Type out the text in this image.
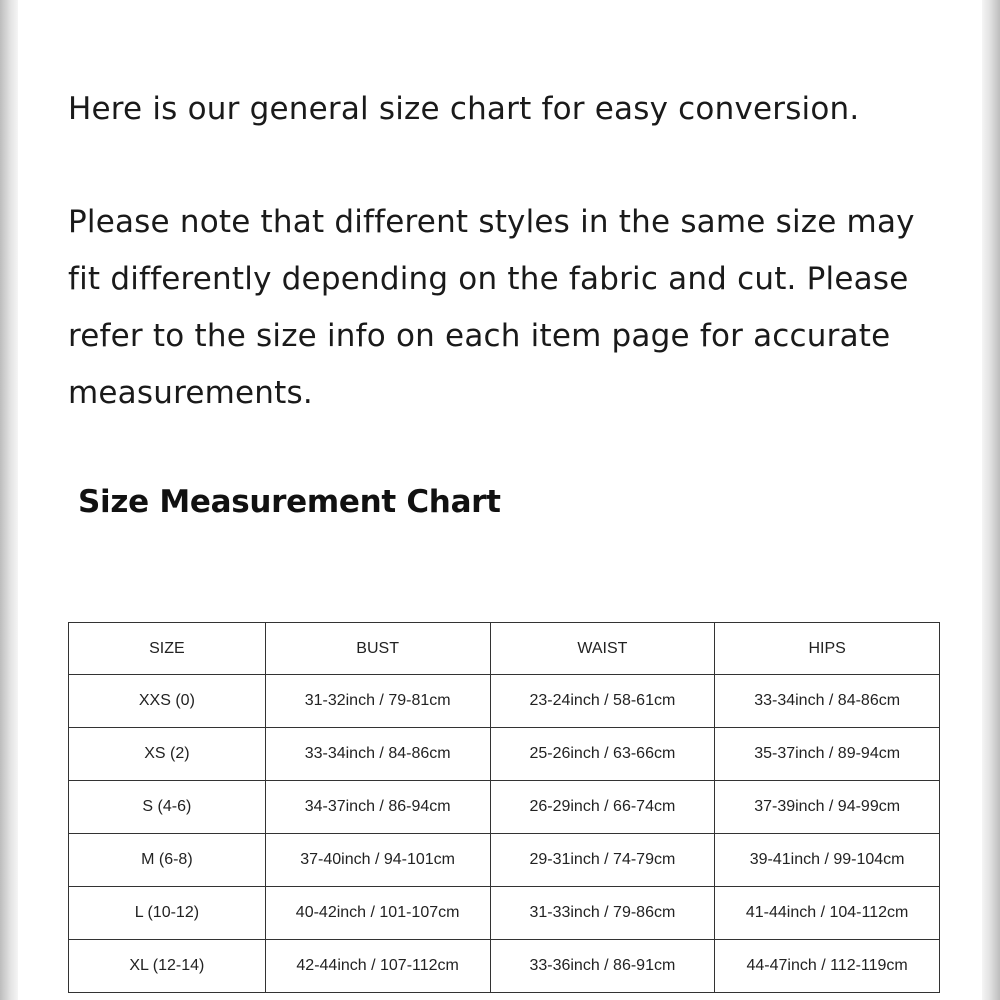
Here is our general size chart for easy conversion.

Please note that different styles in the same size may fit differently depending on the fabric and cut. Please refer to the size info on each item page for accurate measurements.

Size Measurement Chart
SIZE	BUST	WAIST	HIPS
XXS (0)	31-32inch / 79-81cm	23-24inch / 58-61cm	33-34inch / 84-86cm
XS (2)	33-34inch / 84-86cm	25-26inch / 63-66cm	35-37inch / 89-94cm
S (4-6)	34-37inch / 86-94cm	26-29inch / 66-74cm	37-39inch / 94-99cm
M (6-8)	37-40inch / 94-101cm	29-31inch / 74-79cm	39-41inch / 99-104cm
L (10-12)	40-42inch / 101-107cm	31-33inch / 79-86cm	41-44inch / 104-112cm
XL (12-14)	42-44inch / 107-112cm	33-36inch / 86-91cm	44-47inch / 112-119cm
